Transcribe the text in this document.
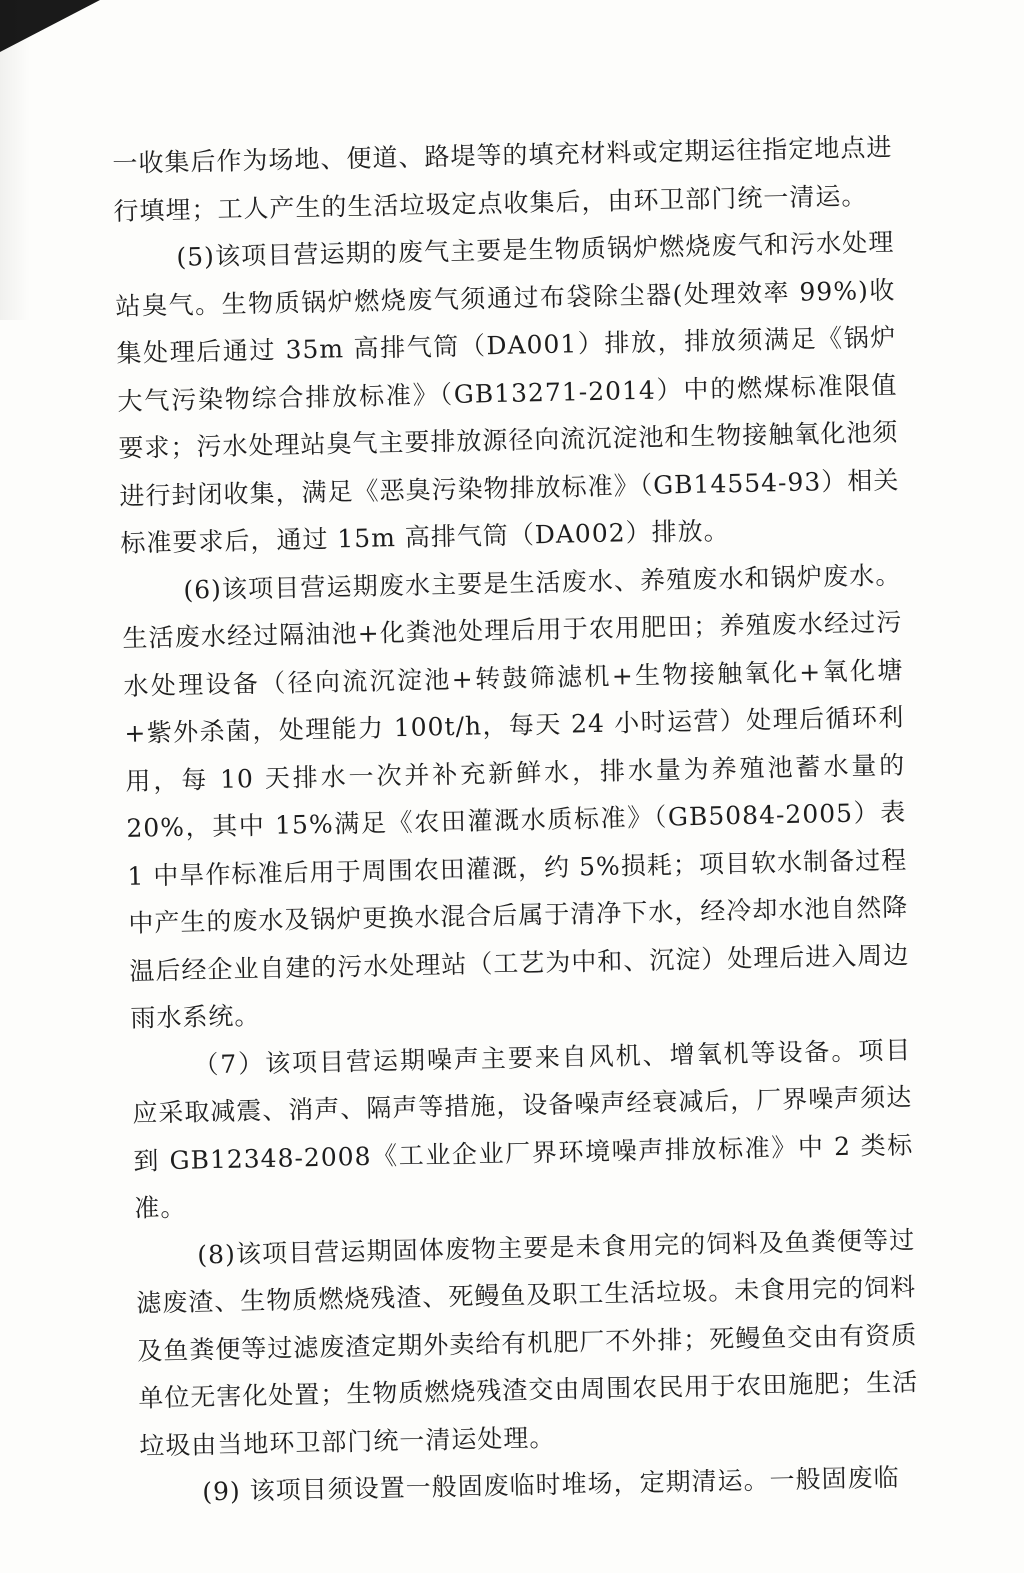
一收集后作为场地、便道、路堤等的填充材料或定期运往指定地点进行填埋；工人产生的生活垃圾定点收集后，由环卫部门统一清运。

(5)该项目营运期的废气主要是生物质锅炉燃烧废气和污水处理站臭气。生物质锅炉燃烧废气须通过布袋除尘器(处理效率 99%)收集处理后通过 35m 高排气筒（DA001）排放，排放须满足《锅炉大气污染物综合排放标准》（GB13271-2014）中的燃煤标准限值要求；污水处理站臭气主要排放源径向流沉淀池和生物接触氧化池须进行封闭收集，满足《恶臭污染物排放标准》（GB14554-93）相关标准要求后，通过 15m 高排气筒（DA002）排放。

(6)该项目营运期废水主要是生活废水、养殖废水和锅炉废水。生活废水经过隔油池+化粪池处理后用于农用肥田；养殖废水经过污水处理设备（径向流沉淀池+转鼓筛滤机+生物接触氧化+氧化塘+紫外杀菌，处理能力 100t/h，每天 24 小时运营）处理后循环利用，每 10 天排水一次并补充新鲜水，排水量为养殖池蓄水量的 20%，其中 15%满足《农田灌溉水质标准》（GB5084-2005）表 1 中旱作标准后用于周围农田灌溉，约 5%损耗；项目软水制备过程中产生的废水及锅炉更换水混合后属于清净下水，经冷却水池自然降温后经企业自建的污水处理站（工艺为中和、沉淀）处理后进入周边雨水系统。

（7）该项目营运期噪声主要来自风机、增氧机等设备。项目应采取减震、消声、隔声等措施，设备噪声经衰减后，厂界噪声须达到 GB12348-2008《工业企业厂界环境噪声排放标准》中 2 类标准。

(8)该项目营运期固体废物主要是未食用完的饲料及鱼粪便等过滤废渣、生物质燃烧残渣、死鳗鱼及职工生活垃圾。未食用完的饲料及鱼粪便等过滤废渣定期外卖给有机肥厂不外排；死鳗鱼交由有资质单位无害化处置；生物质燃烧残渣交由周围农民用于农田施肥；生活垃圾由当地环卫部门统一清运处理。

(9) 该项目须设置一般固废临时堆场，定期清运。一般固废临
